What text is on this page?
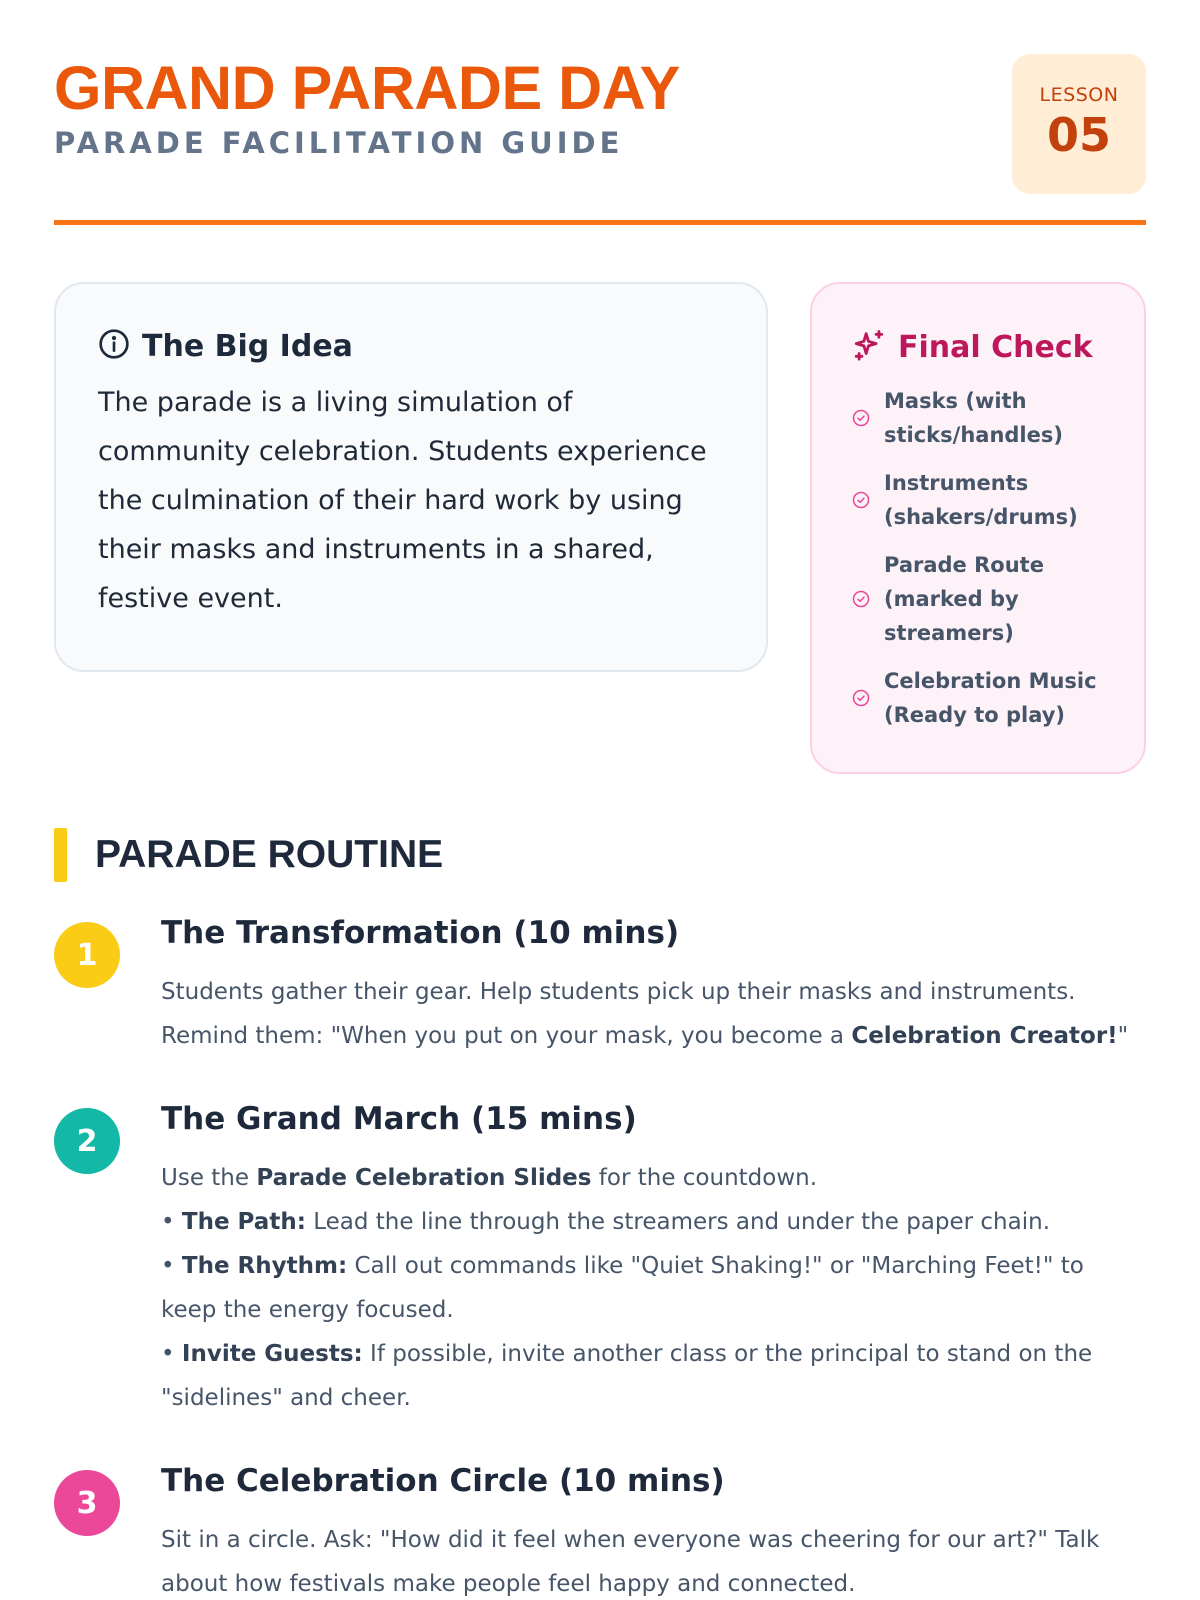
GRAND PARADE DAY
PARADE FACILITATION GUIDE
LESSON
05
The Big Idea

The parade is a living simulation of community celebration. Students experience the culmination of their hard work by using their masks and instruments in a shared, festive event.

Final Check
Masks (with sticks/handles)
Instruments (shakers/drums)
Parade Route (marked by streamers)
Celebration Music (Ready to play)
PARADE ROUTINE
1
The Transformation (10 mins)

Students gather their gear. Help students pick up their masks and instruments. Remind them: "When you put on your mask, you become a Celebration Creator!"

2
The Grand March (15 mins)
Use the Parade Celebration Slides for the countdown.
• The Path: Lead the line through the streamers and under the paper chain.
• The Rhythm: Call out commands like "Quiet Shaking!" or "Marching Feet!" to keep the energy focused.
• Invite Guests: If possible, invite another class or the principal to stand on the "sidelines" and cheer.
3
The Celebration Circle (10 mins)

Sit in a circle. Ask: "How did it feel when everyone was cheering for our art?" Talk about how festivals make people feel happy and connected.
